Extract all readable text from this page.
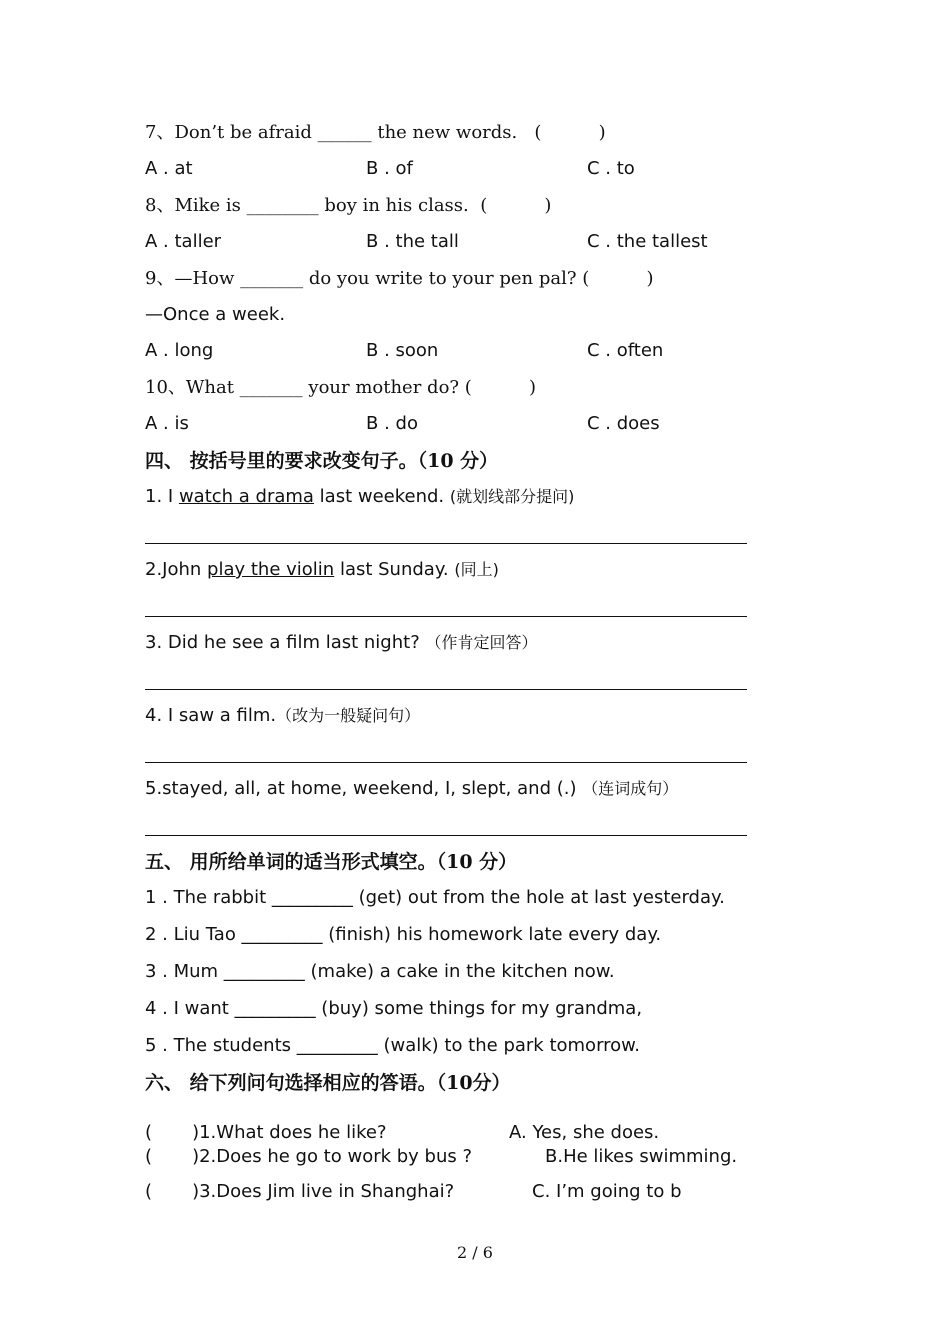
7、Don’t be afraid ______ the new words.   (          )
A . at	B . of	C . to
8、Mike is ________ boy in his class.  (          )
A . taller	B . the tall	C . the tallest
9、—How _______ do you write to your pen pal? (          )
—Once a week.
A . long	B . soon	C . often
10、What _______ your mother do? (          )
A . is	B . do	C . does
四、 按括号里的要求改变句子。（10 分）
1. I watch a drama last weekend. (就划线部分提问)
2.John play the violin last Sunday. (同上)
3. Did he see a film last night? （作肯定回答）
4. I saw a film.（改为一般疑问句）
5.stayed, all, at home, weekend, I, slept, and (.) （连词成句）
五、 用所给单词的适当形式填空。（10 分）
1 . The rabbit _________ (get) out from the hole at last yesterday.
2 . Liu Tao _________ (finish) his homework late every day.
3 . Mum _________ (make) a cake in the kitchen now.
4 . I want _________ (buy) some things for my grandma,
5 . The students _________ (walk) to the park tomorrow.
六、 给下列问句选择相应的答语。（10分）
(       )1.What does he like?	A. Yes, she does.
(       )2.Does he go to work by bus ?	B.He likes swimming.
(       )3.Does Jim live in Shanghai?	C. I’m going to b
2 / 6
